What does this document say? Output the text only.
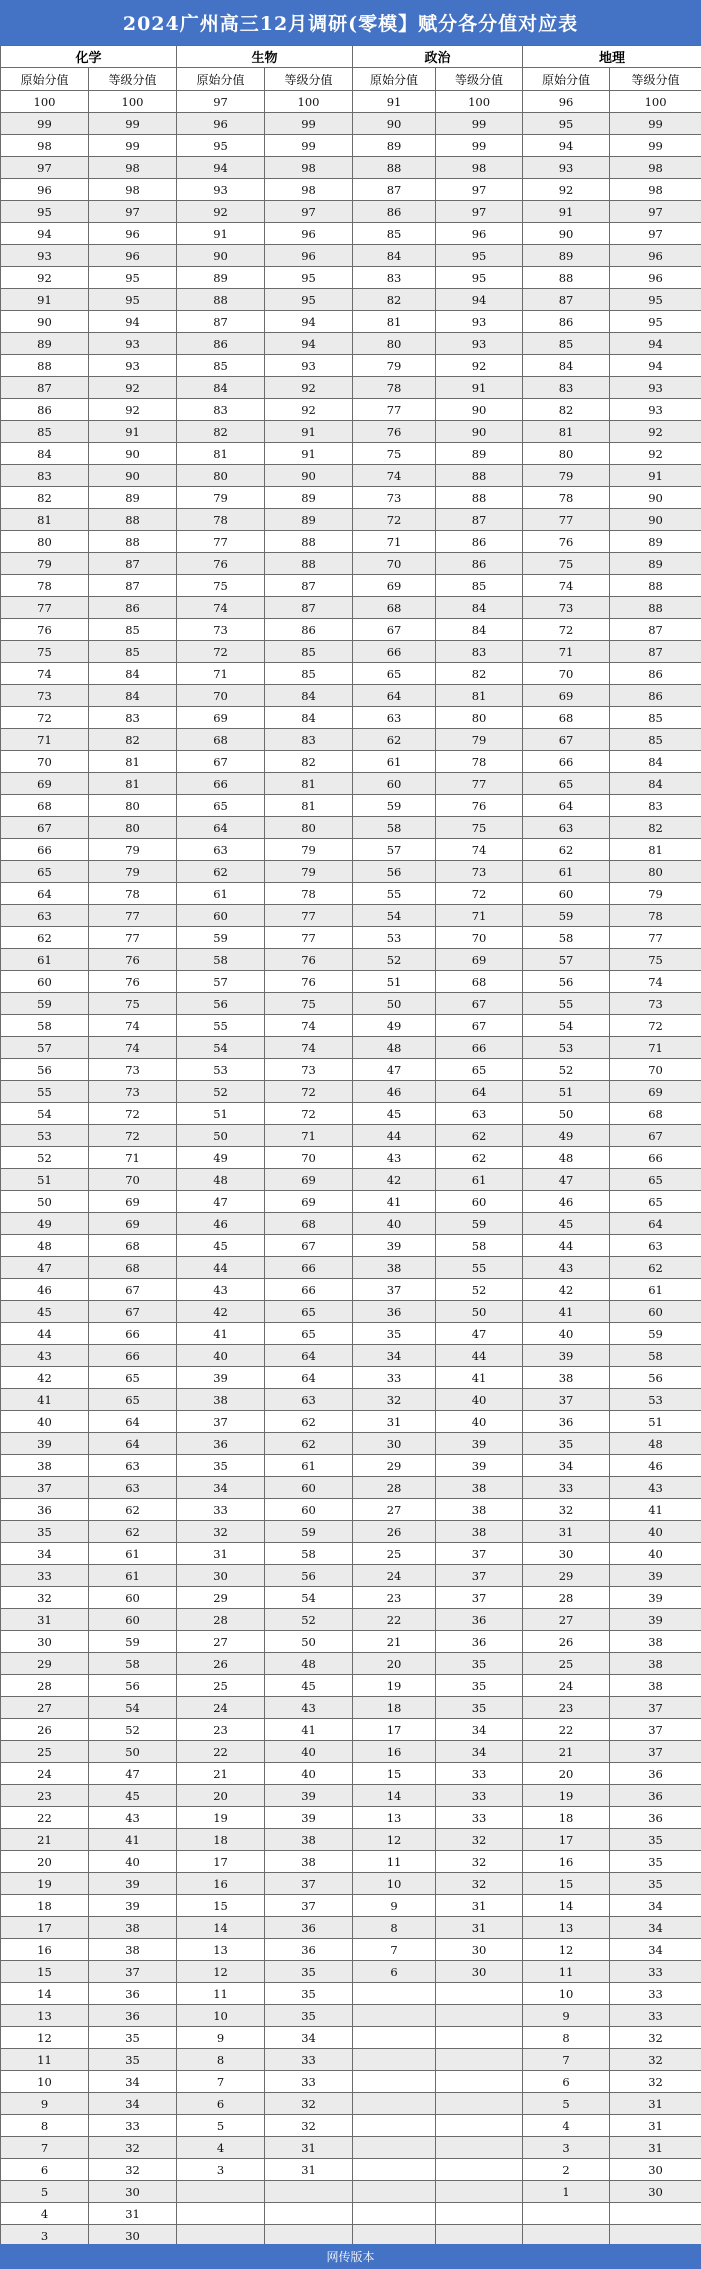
2024广州高三12月调研(零模】赋分各分值对应表
化学		生物		政治		地理	
原始分值	等级分值	原始分值	等级分值	原始分值	等级分值	原始分值	等级分值
100	100	97	100	91	100	96	100
99	99	96	99	90	99	95	99
98	99	95	99	89	99	94	99
97	98	94	98	88	98	93	98
96	98	93	98	87	97	92	98
95	97	92	97	86	97	91	97
94	96	91	96	85	96	90	97
93	96	90	96	84	95	89	96
92	95	89	95	83	95	88	96
91	95	88	95	82	94	87	95
90	94	87	94	81	93	86	95
89	93	86	94	80	93	85	94
88	93	85	93	79	92	84	94
87	92	84	92	78	91	83	93
86	92	83	92	77	90	82	93
85	91	82	91	76	90	81	92
84	90	81	91	75	89	80	92
83	90	80	90	74	88	79	91
82	89	79	89	73	88	78	90
81	88	78	89	72	87	77	90
80	88	77	88	71	86	76	89
79	87	76	88	70	86	75	89
78	87	75	87	69	85	74	88
77	86	74	87	68	84	73	88
76	85	73	86	67	84	72	87
75	85	72	85	66	83	71	87
74	84	71	85	65	82	70	86
73	84	70	84	64	81	69	86
72	83	69	84	63	80	68	85
71	82	68	83	62	79	67	85
70	81	67	82	61	78	66	84
69	81	66	81	60	77	65	84
68	80	65	81	59	76	64	83
67	80	64	80	58	75	63	82
66	79	63	79	57	74	62	81
65	79	62	79	56	73	61	80
64	78	61	78	55	72	60	79
63	77	60	77	54	71	59	78
62	77	59	77	53	70	58	77
61	76	58	76	52	69	57	75
60	76	57	76	51	68	56	74
59	75	56	75	50	67	55	73
58	74	55	74	49	67	54	72
57	74	54	74	48	66	53	71
56	73	53	73	47	65	52	70
55	73	52	72	46	64	51	69
54	72	51	72	45	63	50	68
53	72	50	71	44	62	49	67
52	71	49	70	43	62	48	66
51	70	48	69	42	61	47	65
50	69	47	69	41	60	46	65
49	69	46	68	40	59	45	64
48	68	45	67	39	58	44	63
47	68	44	66	38	55	43	62
46	67	43	66	37	52	42	61
45	67	42	65	36	50	41	60
44	66	41	65	35	47	40	59
43	66	40	64	34	44	39	58
42	65	39	64	33	41	38	56
41	65	38	63	32	40	37	53
40	64	37	62	31	40	36	51
39	64	36	62	30	39	35	48
38	63	35	61	29	39	34	46
37	63	34	60	28	38	33	43
36	62	33	60	27	38	32	41
35	62	32	59	26	38	31	40
34	61	31	58	25	37	30	40
33	61	30	56	24	37	29	39
32	60	29	54	23	37	28	39
31	60	28	52	22	36	27	39
30	59	27	50	21	36	26	38
29	58	26	48	20	35	25	38
28	56	25	45	19	35	24	38
27	54	24	43	18	35	23	37
26	52	23	41	17	34	22	37
25	50	22	40	16	34	21	37
24	47	21	40	15	33	20	36
23	45	20	39	14	33	19	36
22	43	19	39	13	33	18	36
21	41	18	38	12	32	17	35
20	40	17	38	11	32	16	35
19	39	16	37	10	32	15	35
18	39	15	37	9	31	14	34
17	38	14	36	8	31	13	34
16	38	13	36	7	30	12	34
15	37	12	35	6	30	11	33
14	36	11	35			10	33
13	36	10	35			9	33
12	35	9	34			8	32
11	35	8	33			7	32
10	34	7	33			6	32
9	34	6	32			5	31
8	33	5	32			4	31
7	32	4	31			3	31
6	32	3	31			2	30
5	30					1	30
4	31						
3	30						
网传版本
